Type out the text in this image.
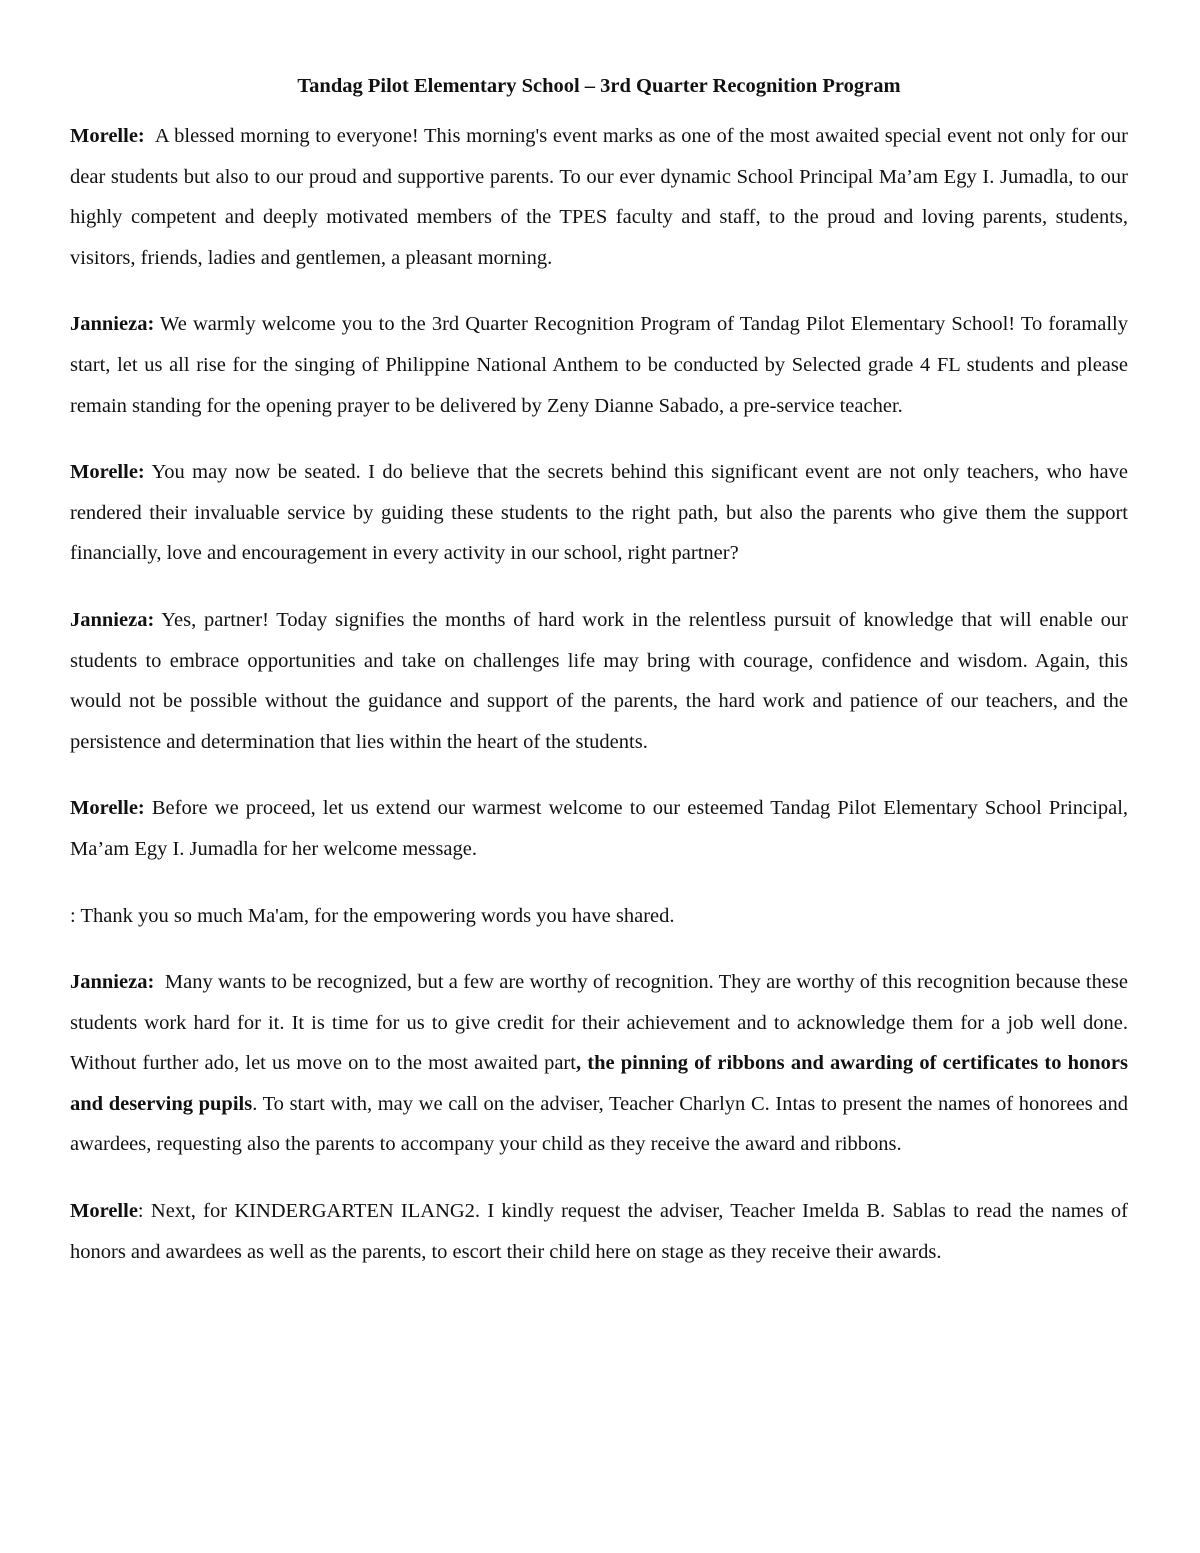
Tandag Pilot Elementary School – 3rd Quarter Recognition Program

Morelle: A blessed morning to everyone! This morning's event marks as one of the most awaited special event not only for our dear students but also to our proud and supportive parents. To our ever dynamic School Principal Ma’am Egy I. Jumadla, to our highly competent and deeply motivated members of the TPES faculty and staff, to the proud and loving parents, students, visitors, friends, ladies and gentlemen, a pleasant morning.

Jannieza: We warmly welcome you to the 3rd Quarter Recognition Program of Tandag Pilot Elementary School! To foramally start, let us all rise for the singing of Philippine National Anthem to be conducted by Selected grade 4 FL students and please remain standing for the opening prayer to be delivered by Zeny Dianne Sabado, a pre-service teacher.

Morelle: You may now be seated. I do believe that the secrets behind this significant event are not only teachers, who have rendered their invaluable service by guiding these students to the right path, but also the parents who give them the support financially, love and encouragement in every activity in our school, right partner?

Jannieza: Yes, partner! Today signifies the months of hard work in the relentless pursuit of knowledge that will enable our students to embrace opportunities and take on challenges life may bring with courage, confidence and wisdom. Again, this would not be possible without the guidance and support of the parents, the hard work and patience of our teachers, and the persistence and determination that lies within the heart of the students.

Morelle: Before we proceed, let us extend our warmest welcome to our esteemed Tandag Pilot Elementary School Principal, Ma’am Egy I. Jumadla for her welcome message.

: Thank you so much Ma'am, for the empowering words you have shared.

Jannieza: Many wants to be recognized, but a few are worthy of recognition. They are worthy of this recognition because these students work hard for it. It is time for us to give credit for their achievement and to acknowledge them for a job well done. Without further ado, let us move on to the most awaited part, the pinning of ribbons and awarding of certificates to honors and deserving pupils. To start with, may we call on the adviser, Teacher Charlyn C. Intas to present the names of honorees and awardees, requesting also the parents to accompany your child as they receive the award and ribbons.

Morelle: Next, for KINDERGARTEN ILANG2. I kindly request the adviser, Teacher Imelda B. Sablas to read the names of honors and awardees as well as the parents, to escort their child here on stage as they receive their awards.
